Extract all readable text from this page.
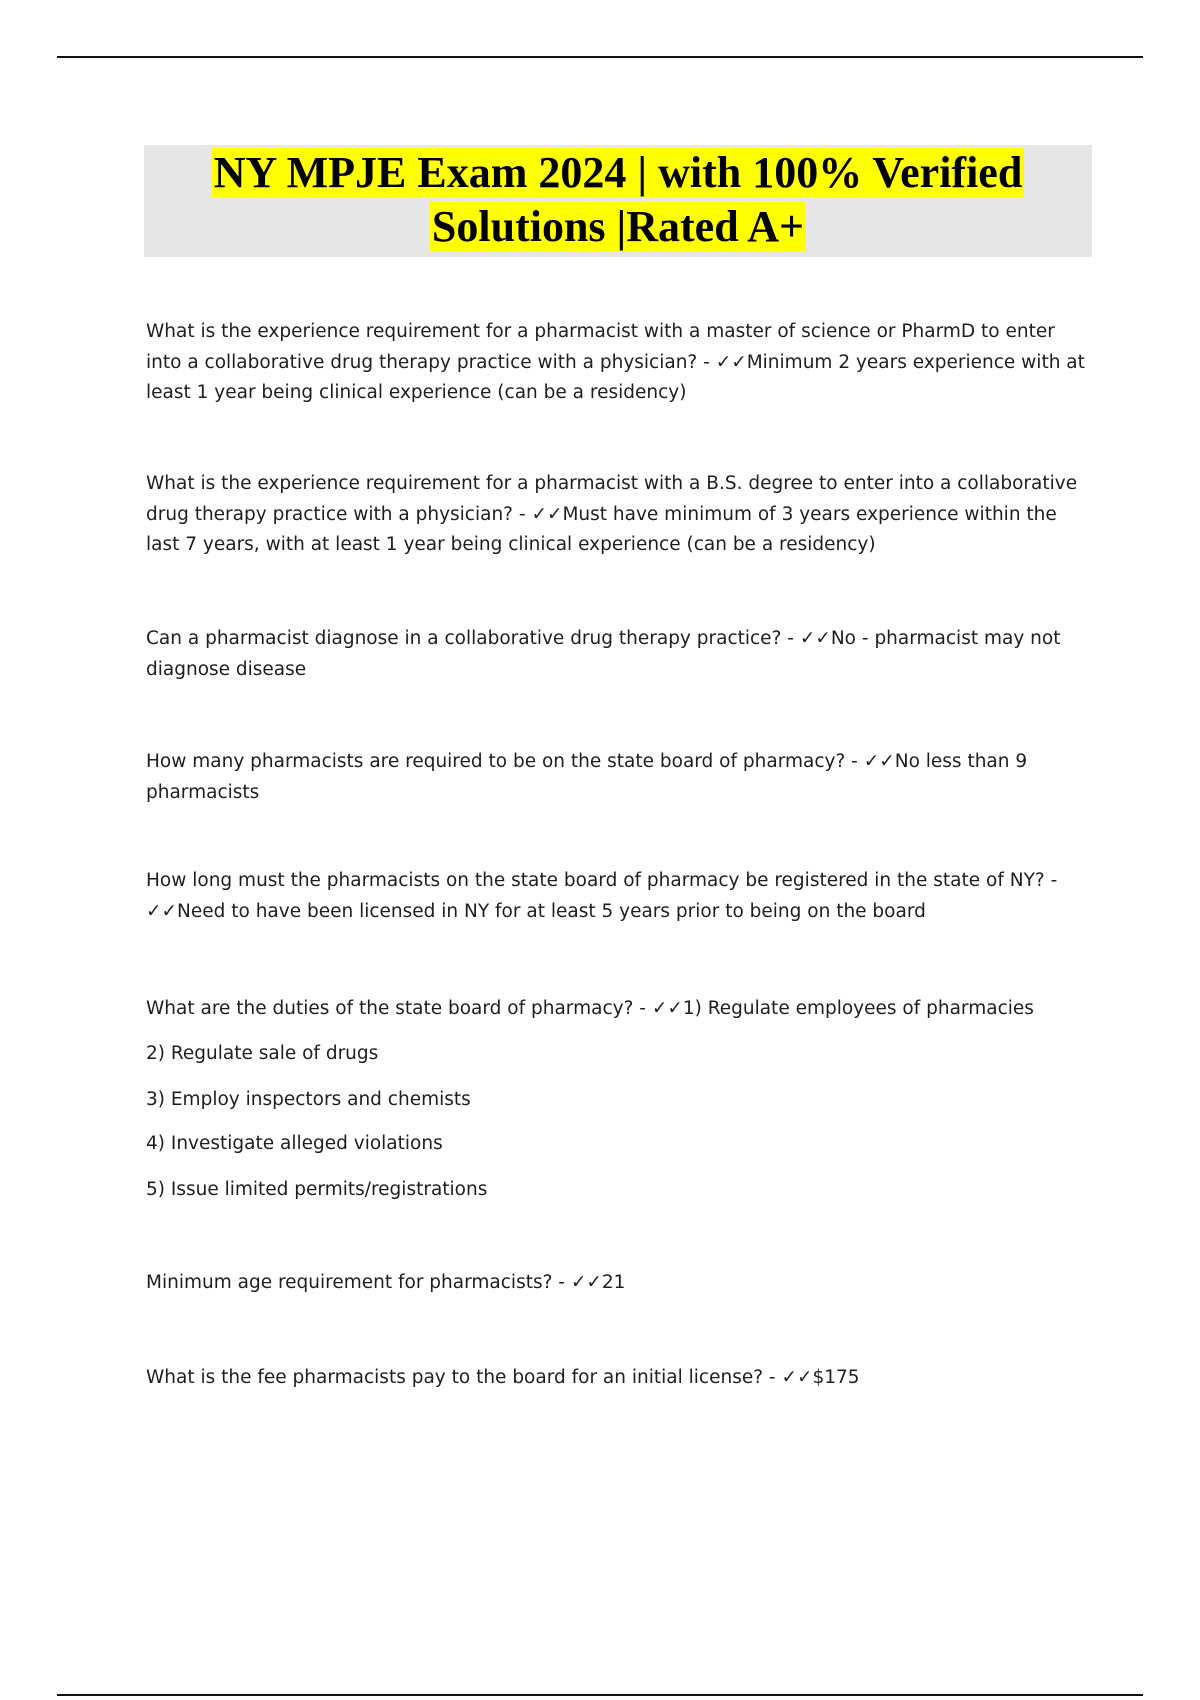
NY MPJE Exam 2024 | with 100% Verified
Solutions |Rated A+
What is the experience requirement for a pharmacist with a master of science or PharmD to enter into a collaborative drug therapy practice with a physician? - ✓✓Minimum 2 years experience with at least 1 year being clinical experience (can be a residency)
What is the experience requirement for a pharmacist with a B.S. degree to enter into a collaborative drug therapy practice with a physician? - ✓✓Must have minimum of 3 years experience within the last 7 years, with at least 1 year being clinical experience (can be a residency)
Can a pharmacist diagnose in a collaborative drug therapy practice? - ✓✓No - pharmacist may not diagnose disease
How many pharmacists are required to be on the state board of pharmacy? - ✓✓No less than 9 pharmacists
How long must the pharmacists on the state board of pharmacy be registered in the state of NY? - ✓✓Need to have been licensed in NY for at least 5 years prior to being on the board
What are the duties of the state board of pharmacy? - ✓✓1) Regulate employees of pharmacies
2) Regulate sale of drugs
3) Employ inspectors and chemists
4) Investigate alleged violations
5) Issue limited permits/registrations
Minimum age requirement for pharmacists? - ✓✓21
What is the fee pharmacists pay to the board for an initial license? - ✓✓$175
